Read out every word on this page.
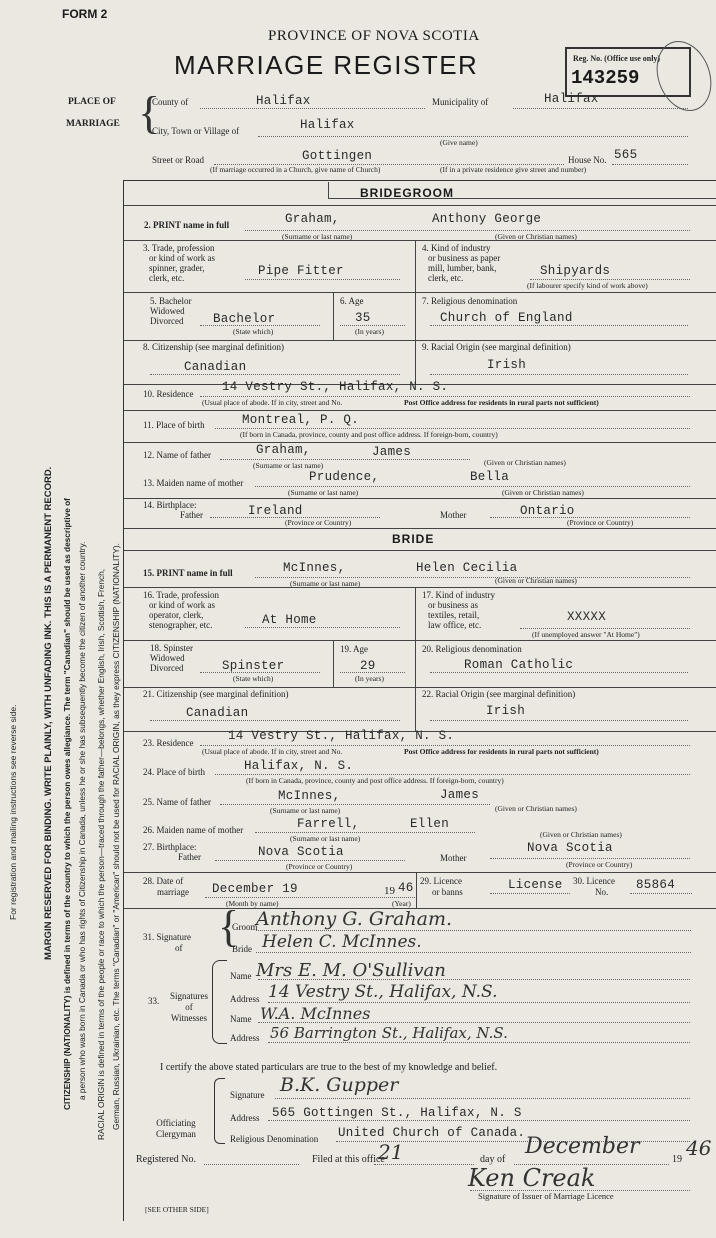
For registration and mailing instructions see reverse side.	MARGIN RESERVED FOR BINDING. WRITE PLAINLY, WITH UNFADING INK. THIS IS A PERMANENT RECORD. CITIZENSHIP (NATIONALITY) is defined in terms of the country to which the person owes allegiance. The term "Canadian" should be used as descriptive of a person who was born in Canada or who has rights of Citizenship in Canada, unless he or she has subsequently become the citizen of another country. RACIAL ORIGIN is defined in terms of the people or race to which the person—traced through the father—belongs, whether English, Irish, Scottish, French, German, Russian, Ukrainian, etc. The terms "Canadian" or "American" should not be used for RACIAL ORIGIN, as they express CITIZENSHIP (NATIONALITY).
FORM 2
PROVINCE OF NOVA SCOTIA
MARRIAGE REGISTER	Reg. No. (Office use only)
143259
PLACE OF
MARRIAGE {
County of	Halifax	Municipality of	Halifax
City, Town or Village of	Halifax
(Give name)
Street or Road	Gottingen	House No. 565
(If marriage occurred in a Church, give name of Church)	(If in a private residence give street and number)
BRIDEGROOM
2. PRINT name in full	Graham,	Anthony George
(Surname or last name)	(Given or Christian names)
3. Trade, profession
or kind of work as
spinner, grader,
clerk, etc.	Pipe Fitter
4. Kind of industry
or business as paper
mill, lumber, bank,
clerk, etc.	Shipyards
(If labourer specify kind of work above)
5. Bachelor
Widowed
Divorced	Bachelor
(State which)
6. Age
35
(In years)
7. Religious denomination
Church of England
8. Citizenship (see marginal definition)
Canadian
9. Racial Origin (see marginal definition)
Irish
10. Residence 14 Vestry St., Halifax, N. S.
(Usual place of abode. If in city, street and No.	Post Office address for residents in rural parts not sufficient)
11. Place of birth	Montreal, P. Q.
(If born in Canada, province, county and post office address. If foreign-born, country)
12. Name of father	Graham,	James
(Surname or last name)	(Given or Christian names)
13. Maiden name of mother	Prudence,	Bella
(Surname or last name)	(Given or Christian names)
14. Birthplace:
Father	Ireland
(Province or Country)
Mother	Ontario
(Province or Country)
BRIDE
15. PRINT name in full	McInnes,	Helen Cecilia
(Surname or last name)	(Given or Christian names)
16. Trade, profession
or kind of work as
operator, clerk,
stenographer, etc.	At Home
17. Kind of industry
or business as
textiles, retail,
law office, etc.
XXXXX
(If unemployed answer "At Home")
18. Spinster
Widowed
Divorced	Spinster
(State which)
19. Age
29
(In years)
20. Religious denomination
Roman Catholic
21. Citizenship (see marginal definition)
Canadian
22. Racial Origin (see marginal definition)
Irish
23. Residence	14 Vestry St., Halifax, N. S.
(Usual place of abode. If in city, street and No.	Post Office address for residents in rural parts not sufficient)
24. Place of birth	Halifax, N. S.
(If born in Canada, province, county and post office address. If foreign-born, country)
25. Name of father	McInnes,	James
(Surname or last name)	(Given or Christian names)
26. Maiden name of mother	Farrell,	Ellen
(Surname or last name)	(Given or Christian names)
27. Birthplace:
Father	Nova Scotia
(Province or Country)
Mother
Nova Scotia
(Province or Country)
28. Date of
marriage December 19	19 46
(Month by name)	(Year)
29. Licence
or banns	License 30. Licence
No.	85864
31. Signature
of {
Groom
Anthony G. Graham.
Bride Helen C. McInnes.
33. Signatures
of
Witnesses
Name Mrs E. M. O'Sullivan
Address 14 Vestry St., Halifax, N.S.
Name W.A. McInnes
Address 56 Barrington St., Halifax, N.S.
I certify the above stated particulars are true to the best of my knowledge and belief.
Officiating
Clergyman
Signature B.K. Gupper
Address 565 Gottingen St., Halifax, N. S
Religious Denomination United Church of Canada.
Registered No.	Filed at this office
21	day of
December
19 46
Ken Creak
Signature of Issuer of Marriage Licence
[SEE OTHER SIDE]
